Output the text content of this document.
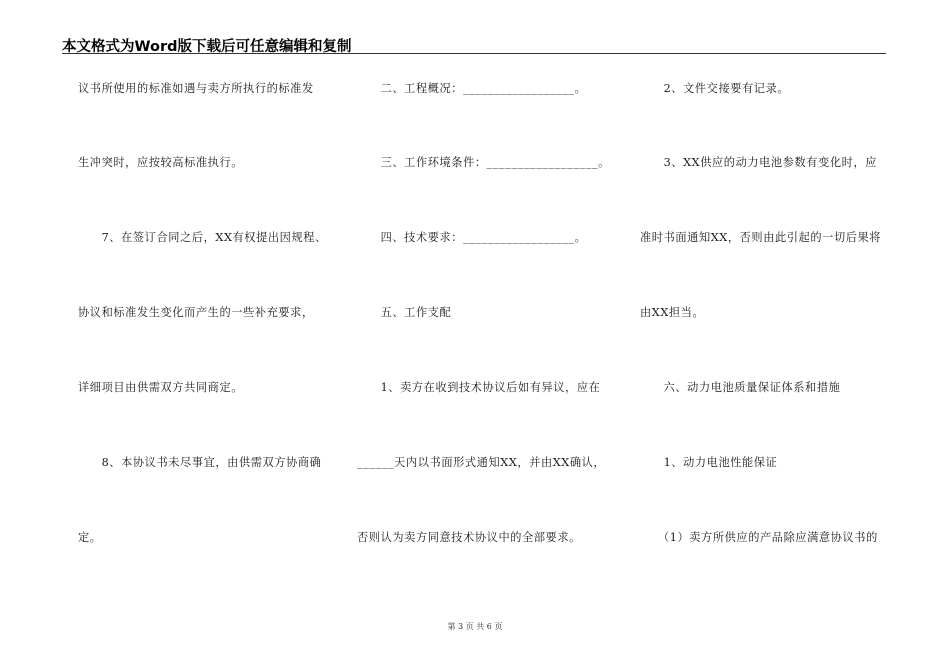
本文格式为Word版下载后可任意编辑和复制
议书所使用的标准如遇与卖方所执行的标准发
生冲突时，应按较高标准执行。
　　7、在签订合同之后，XX有权提出因规程、
协议和标准发生变化而产生的一些补充要求，
详细项目由供需双方共同商定。
　　8、本协议书未尽事宜，由供需双方协商确
定。
　　二、工程概况：__________________。
　　三、工作环境条件：__________________。
　　四、技术要求：__________________。
　　五、工作支配
　　1、卖方在收到技术协议后如有异议，应在
______天内以书面形式通知XX，并由XX确认，
否则认为卖方同意技术协议中的全部要求。
　　2、文件交接要有记录。
　　3、XX供应的动力电池参数有变化时，应
准时书面通知XX，否则由此引起的一切后果将
由XX担当。
　　六、动力电池质量保证体系和措施
　　1、动力电池性能保证
　　（1）卖方所供应的产品除应满意协议书的
第 3 页 共 6 页
